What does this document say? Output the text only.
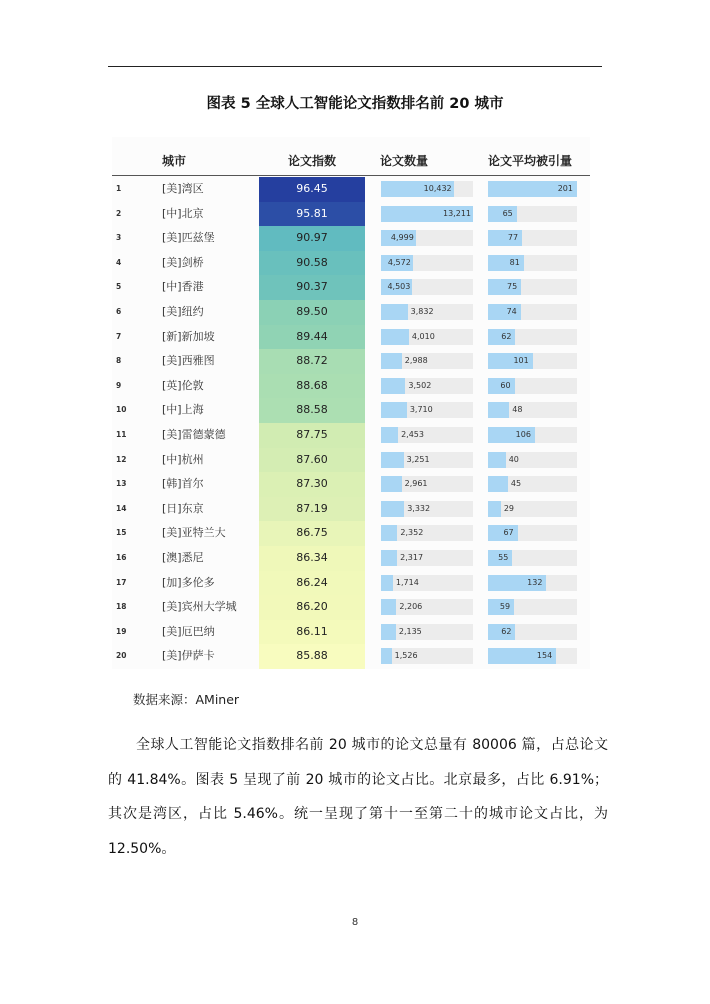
图表 5 全球人工智能论文指数排名前 20 城市
城市	论文指数	论文数量	论文平均被引量
1	[美]湾区	96.45	10,432	201
2	[中]北京	95.81	13,211	65
3	[美]匹兹堡	90.97	4,999	77
4	[美]剑桥	90.58	4,572	81
5	[中]香港	90.37	4,503	75
6	[美]纽约	89.50	3,832	74
7	[新]新加坡	89.44	4,010	62
8	[美]西雅图	88.72	2,988	101
9	[英]伦敦	88.68	3,502	60
10	[中]上海	88.58	3,710	48
11	[美]雷德蒙德	87.75	2,453	106
12	[中]杭州	87.60	3,251	40
13	[韩]首尔	87.30	2,961	45
14	[日]东京	87.19	3,332	29
15	[美]亚特兰大	86.75	2,352	67
16	[澳]悉尼	86.34	2,317	55
17	[加]多伦多	86.24	1,714	132
18	[美]宾州大学城	86.20	2,206	59
19	[美]厄巴纳	86.11	2,135	62
20	[美]伊萨卡	85.88	1,526	154
数据来源：AMiner
全球人工智能论文指数排名前 20 城市的论文总量有 80006 篇，占总论文的 41.84%。图表 5 呈现了前 20 城市的论文占比。北京最多，占比 6.91%；其次是湾区，占比 5.46%。统一呈现了第十一至第二十的城市论文占比，为 12.50%。
8
